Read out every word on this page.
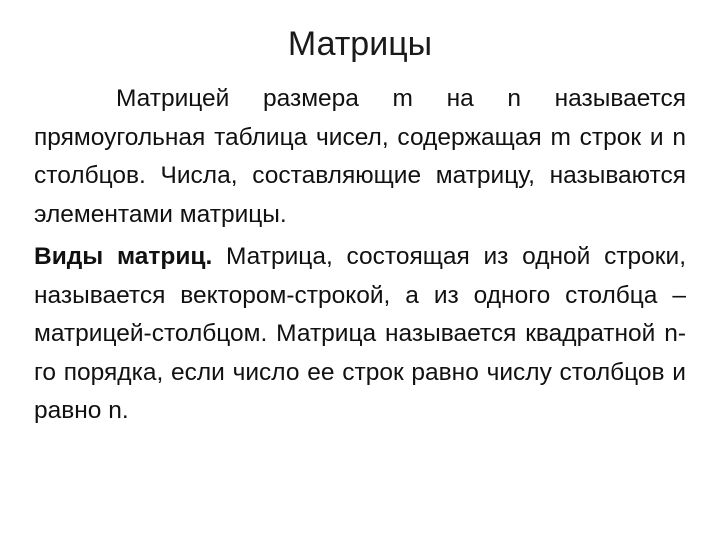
Матрицы

Матрицей размера m на n называется прямоугольная таблица чисел, содержащая m строк и n столбцов. Числа, составляющие матрицу, называются элементами матрицы.

Виды матриц. Матрица, состоящая из одной строки, называется вектором-строкой, а из одного столбца – матрицей-столбцом. Матрица называется квадратной n-го порядка, если число ее строк равно числу столбцов и равно n.
